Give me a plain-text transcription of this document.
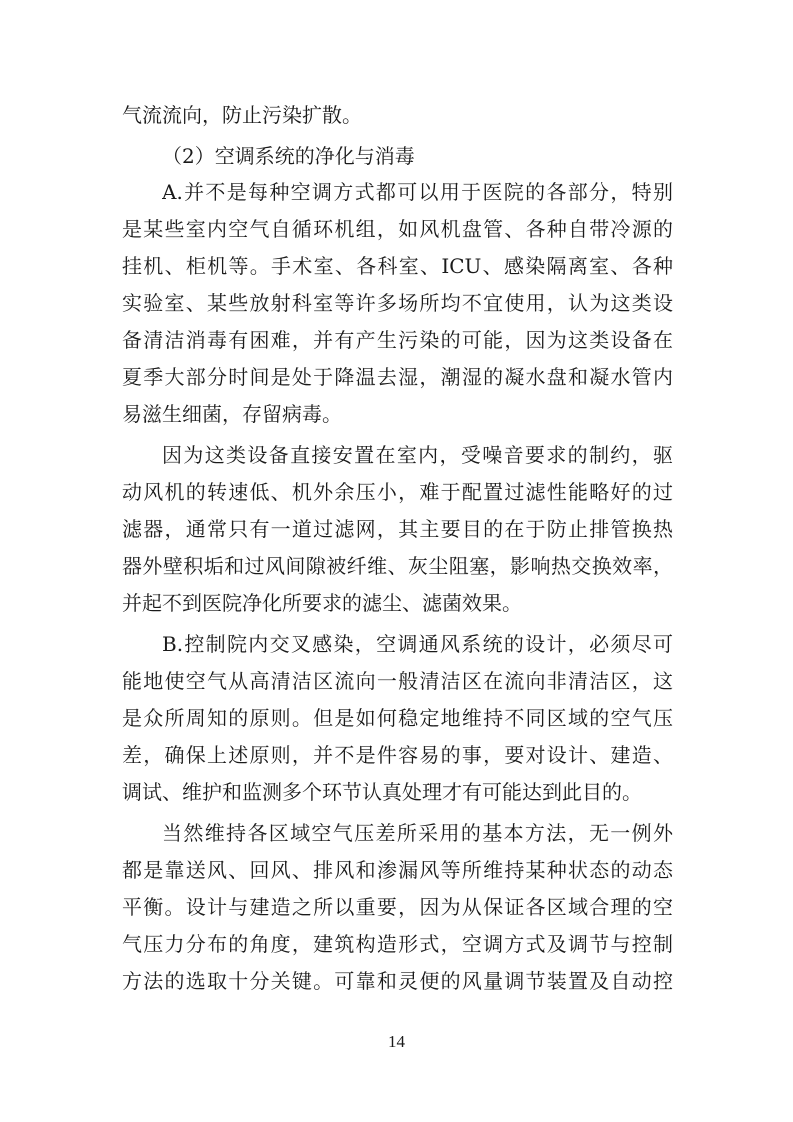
气流流向，防止污染扩散。
（2）空调系统的净化与消毒
A.并不是每种空调方式都可以用于医院的各部分，特别
是某些室内空气自循环机组，如风机盘管、各种自带冷源的
挂机、柜机等。手术室、各科室、ICU、感染隔离室、各种
实验室、某些放射科室等许多场所均不宜使用，认为这类设
备清洁消毒有困难，并有产生污染的可能，因为这类设备在
夏季大部分时间是处于降温去湿，潮湿的凝水盘和凝水管内
易滋生细菌，存留病毒。
因为这类设备直接安置在室内，受噪音要求的制约，驱
动风机的转速低、机外余压小，难于配置过滤性能略好的过
滤器，通常只有一道过滤网，其主要目的在于防止排管换热
器外壁积垢和过风间隙被纤维、灰尘阻塞，影响热交换效率，
并起不到医院净化所要求的滤尘、滤菌效果。
B.控制院内交叉感染，空调通风系统的设计，必须尽可
能地使空气从高清洁区流向一般清洁区在流向非清洁区，这
是众所周知的原则。但是如何稳定地维持不同区域的空气压
差，确保上述原则，并不是件容易的事，要对设计、建造、
调试、维护和监测多个环节认真处理才有可能达到此目的。
当然维持各区域空气压差所采用的基本方法，无一例外
都是靠送风、回风、排风和渗漏风等所维持某种状态的动态
平衡。设计与建造之所以重要，因为从保证各区域合理的空
气压力分布的角度，建筑构造形式，空调方式及调节与控制
方法的选取十分关键。可靠和灵便的风量调节装置及自动控
14
